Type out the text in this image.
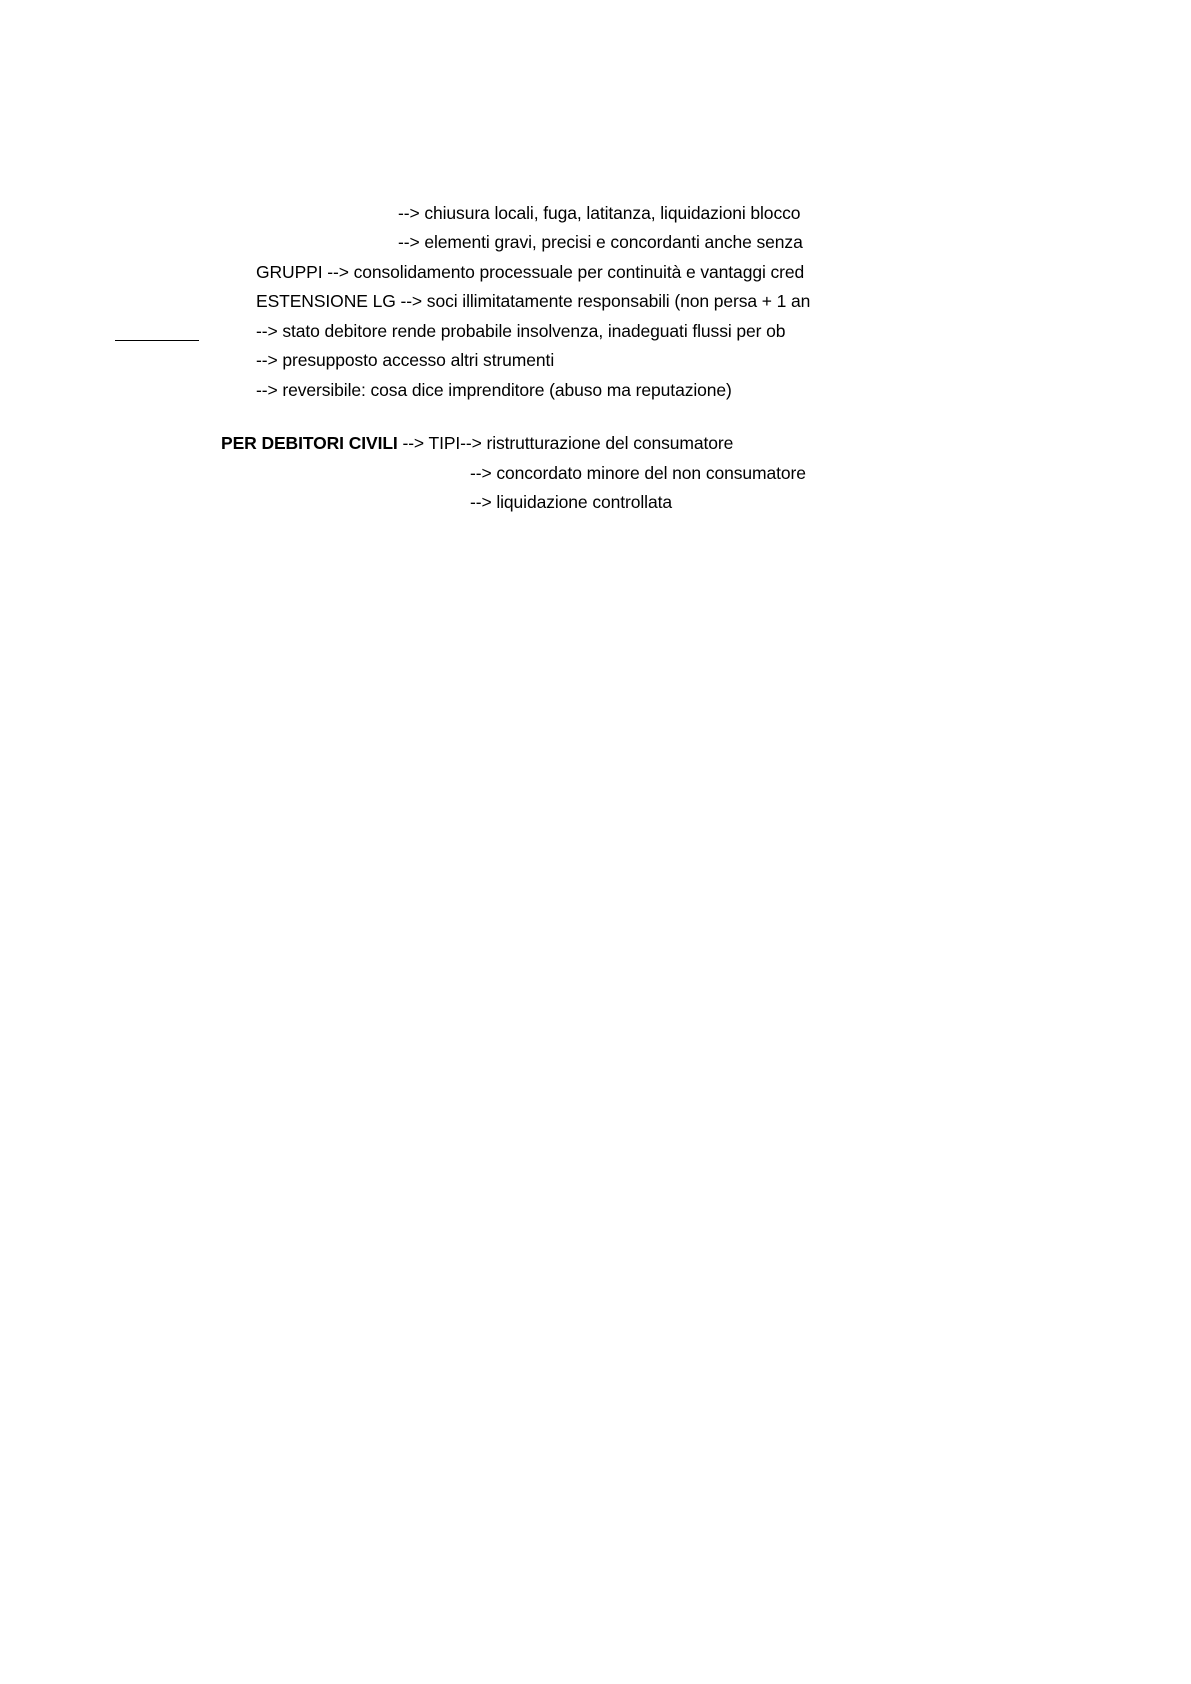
--> chiusura locali, fuga, latitanza, liquidazioni blocco
--> elementi gravi, precisi e concordanti anche senza
GRUPPI --> consolidamento processuale per continuità e vantaggi cred
ESTENSIONE LG --> soci illimitatamente responsabili (non persa + 1 an
--> stato debitore rende probabile insolvenza, inadeguati flussi per ob
--> presupposto accesso altri strumenti
--> reversibile: cosa dice imprenditore (abuso ma reputazione)
PER DEBITORI CIVILI --> TIPI--> ristrutturazione del consumatore
--> concordato minore del non consumatore
--> liquidazione controllata
